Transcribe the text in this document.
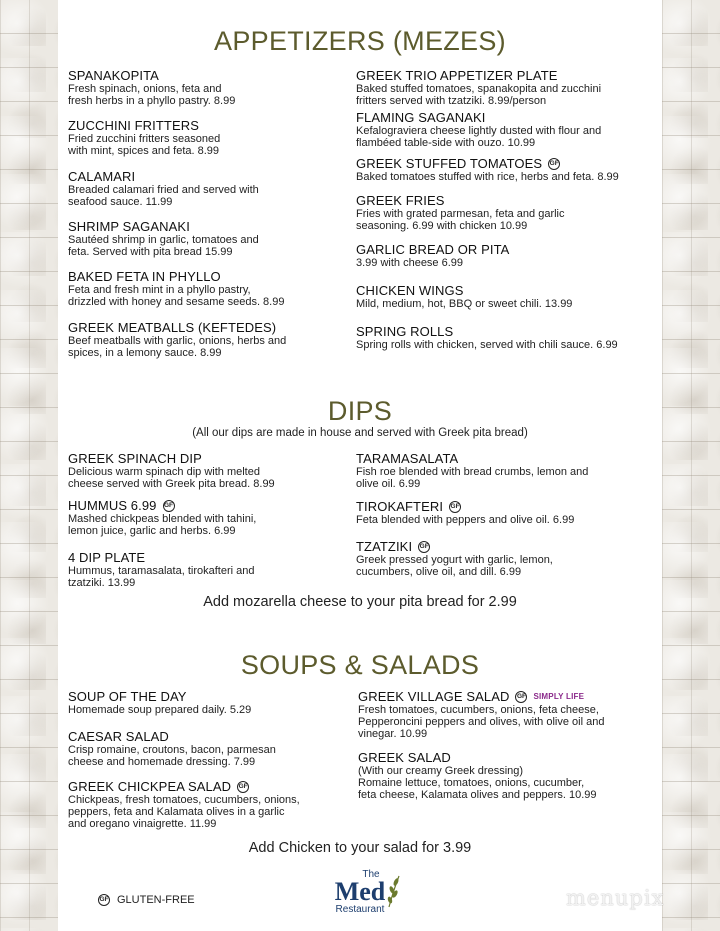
APPETIZERS (MEZES)
SPANAKOPITA
Fresh spinach, onions, feta and
fresh herbs in a phyllo pastry. 8.99
ZUCCHINI FRITTERS
Fried zucchini fritters seasoned
with mint, spices and feta. 8.99
CALAMARI
Breaded calamari fried and served with
seafood sauce. 11.99
SHRIMP SAGANAKI
Sautéed shrimp in garlic, tomatoes and
feta. Served with pita bread 15.99
BAKED FETA IN PHYLLO
Feta and fresh mint in a phyllo pastry,
drizzled with honey and sesame seeds. 8.99
GREEK MEATBALLS (KEFTEDES)
Beef meatballs with garlic, onions, herbs and
spices, in a lemony sauce. 8.99
GREEK TRIO APPETIZER PLATE
Baked stuffed tomatoes, spanakopita and zucchini
fritters served with tzatziki. 8.99/person
FLAMING SAGANAKI
Kefalograviera cheese lightly dusted with flour and
flambéed table-side with ouzo. 10.99
GREEK STUFFED TOMATOES GF
Baked tomatoes stuffed with rice, herbs and feta. 8.99
GREEK FRIES
Fries with grated parmesan, feta and garlic
seasoning. 6.99 with chicken 10.99
GARLIC BREAD OR PITA
3.99 with cheese 6.99
CHICKEN WINGS
Mild, medium, hot, BBQ or sweet chili. 13.99
SPRING ROLLS
Spring rolls with chicken, served with chili sauce. 6.99
DIPS
(All our dips are made in house and served with Greek pita bread)
GREEK SPINACH DIP
Delicious warm spinach dip with melted
cheese served with Greek pita bread. 8.99
HUMMUS 6.99 GF
Mashed chickpeas blended with tahini,
lemon juice, garlic and herbs. 6.99
4 DIP PLATE
Hummus, taramasalata, tirokafteri and
tzatziki. 13.99
TARAMASALATA
Fish roe blended with bread crumbs, lemon and
olive oil. 6.99
TIROKAFTERI GF
Feta blended with peppers and olive oil. 6.99
TZATZIKI GF
Greek pressed yogurt with garlic, lemon,
cucumbers, olive oil, and dill. 6.99
Add mozarella cheese to your pita bread for 2.99
SOUPS & SALADS
SOUP OF THE DAY
Homemade soup prepared daily. 5.29
CAESAR SALAD
Crisp romaine, croutons, bacon, parmesan
cheese and homemade dressing. 7.99
GREEK CHICKPEA SALAD GF
Chickpeas, fresh tomatoes, cucumbers, onions,
peppers, feta and Kalamata olives in a garlic
and oregano vinaigrette. 11.99
GREEK VILLAGE SALAD GF SIMPLY LIFE
Fresh tomatoes, cucumbers, onions, feta cheese,
Pepperoncini peppers and olives, with olive oil and
vinegar. 10.99
GREEK SALAD
(With our creamy Greek dressing)
Romaine lettuce, tomatoes, onions, cucumber,
feta cheese, Kalamata olives and peppers. 10.99
Add Chicken to your salad for 3.99
GF GLUTEN-FREE
The
Med
Restaurant	menupix
